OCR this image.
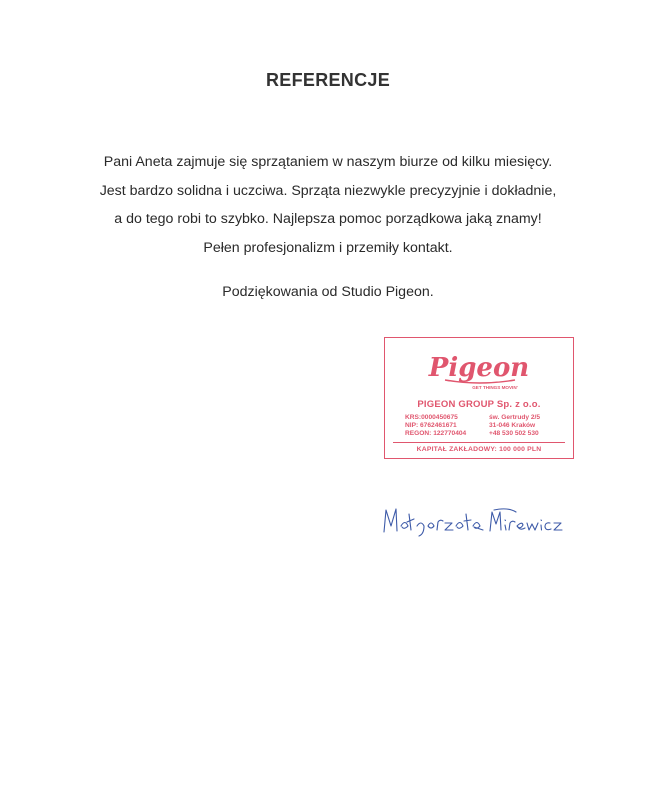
REFERENCJE
Pani Aneta zajmuje się sprzątaniem w naszym biurze od kilku miesięcy.
Jest bardzo solidna i uczciwa. Sprząta niezwykle precyzyjnie i dokładnie,
a do tego robi to szybko. Najlepsza pomoc porządkowa jaką znamy!
Pełen profesjonalizm i przemiły kontakt.
Podziękowania od Studio Pigeon.
Pigeon
GET THINGS MOVIN'
PIGEON GROUP Sp. z o.o.
KRS:0000450675
NIP: 6762461671
REGON: 122770404
św. Gertrudy 2/5
31-046 Kraków
+48 530 502 530
KAPITAŁ ZAKŁADOWY: 100 000 PLN
